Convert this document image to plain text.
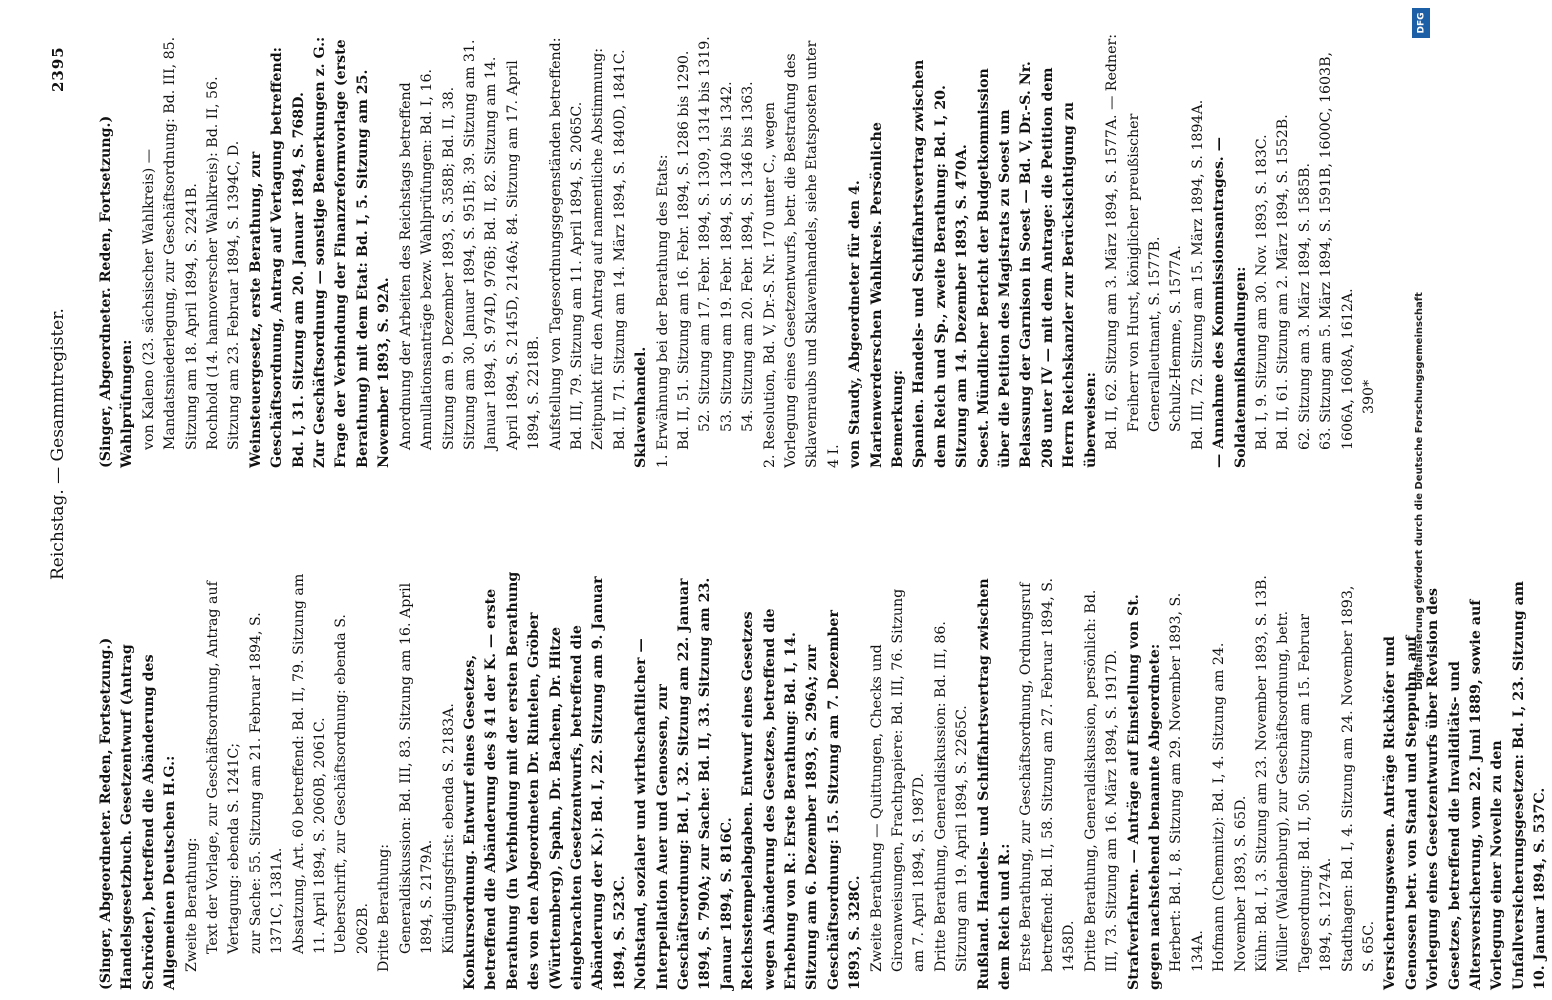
2395
Reichstag. — Gesammtregister.

(Singer, Abgeordneter. Reden, Fortsetzung.) Handelsgesetzbuch. Gesetzentwurf (Antrag Schröder), betreffend die Abänderung des Allgemeinen Deutschen H.G.: Zweite Berathung: Text der Vorlage, zur Geschäftsordnung, Antrag auf Vertagung: ebenda S. 1241C; zur Sache: 55. Sitzung am 21. Februar 1894, S. 1371C, 1381A. Absatzung, Art. 60 betreffend: Bd. II, 79. Sitzung am 11. April 1894, S. 2060B, 2061C. Ueberschrift, zur Geschäftsordnung: ebenda S. 2062B. Dritte Berathung: Generaldiskussion: Bd. III, 83. Sitzung am 16. April 1894, S. 2179A. Kündigungsfrist: ebenda S. 2183A. Konkursordnung. Entwurf eines Gesetzes, betreffend die Abänderung des § 41 der K. — erste Berathung (in Verbindung mit der ersten Berathung des von den Abgeordneten Dr. Rintelen, Gröber (Württemberg), Spahn, Dr. Bachem, Dr. Hitze eingebrachten Gesetzentwurfs, betreffend die Abänderung der K.): Bd. I, 22. Sitzung am 9. Januar 1894, S. 523C. Nothstand, sozialer und wirthschaftlicher — Interpellation Auer und Genossen, zur Geschäftsordnung: Bd. I, 32. Sitzung am 22. Januar 1894, S. 790A; zur Sache: Bd. II, 33. Sitzung am 23. Januar 1894, S. 816C. Reichsstempelabgaben. Entwurf eines Gesetzes wegen Abänderung des Gesetzes, betreffend die Erhebung von R.: Erste Berathung: Bd. I, 14. Sitzung am 6. Dezember 1893, S. 296A; zur Geschäftsordnung: 15. Sitzung am 7. Dezember 1893, S. 328C. Zweite Berathung — Quittungen, Checks und Giroanweisungen, Frachtpapiere: Bd. III, 76. Sitzung am 7. April 1894, S. 1987D. Dritte Berathung, Generaldiskussion: Bd. III, 86. Sitzung am 19. April 1894, S. 2265C. Rußland. Handels- und Schiffahrtsvertrag zwischen dem Reich und R.: Erste Berathung, zur Geschäftsordnung, Ordnungsruf betreffend: Bd. II, 58. Sitzung am 27. Februar 1894, S. 1458D. Dritte Berathung, Generaldiskussion, persönlich: Bd. III, 73. Sitzung am 16. März 1894, S. 1917D. Strafverfahren. — Anträge auf Einstellung von St. gegen nachstehend benannte Abgeordnete: Herbert: Bd. I, 8. Sitzung am 29. November 1893, S. 134A. Hofmann (Chemnitz): Bd. I, 4. Sitzung am 24. November 1893, S. 65D. Kühn: Bd. I, 3. Sitzung am 23. November 1893, S. 13B. Müller (Waldenburg), zur Geschäftsordnung, betr. Tagesordnung: Bd. II, 50. Sitzung am 15. Februar 1894, S. 1274A. Stadthagen: Bd. I, 4. Sitzung am 24. November 1893, S. 65C. Versicherungswesen. Anträge Rickhöfer und Genossen betr. von Stand und Steppuhn, auf Vorlegung eines Gesetzentwurfs über Revision des Gesetzes, betreffend die Invaliditäts- und Altersversicherung, vom 22. Juni 1889, sowie auf Vorlegung einer Novelle zu den Unfallversicherungsgesetzen: Bd. I, 23. Sitzung am 10. Januar 1894, S. 537C.

(Singer, Abgeordneter. Reden, Fortsetzung.) Wahlprüfungen: von Kaleno (23. sächsischer Wahlkreis) — Mandatsniederlegung, zur Geschäftsordnung: Bd. III, 85. Sitzung am 18. April 1894, S. 2241B. Rochhold (14. hannoverscher Wahlkreis): Bd. II, 56. Sitzung am 23. Februar 1894, S. 1394C, D. Weinsteuergesetz, erste Berathung, zur Geschäftsordnung, Antrag auf Vertagung betreffend: Bd. I, 31. Sitzung am 20. Januar 1894, S. 768D. Zur Geschäftsordnung — sonstige Bemerkungen z. G.: Frage der Verbindung der Finanzreformvorlage (erste Berathung) mit dem Etat: Bd. I, 5. Sitzung am 25. November 1893, S. 92A. Anordnung der Arbeiten des Reichstags betreffend Annullationsanträge bezw. Wahlprüfungen: Bd. I, 16. Sitzung am 9. Dezember 1893, S. 358B; Bd. II, 38. Sitzung am 30. Januar 1894, S. 951B; 39. Sitzung am 31. Januar 1894, S. 974D, 976B; Bd. II, 82. Sitzung am 14. April 1894, S. 2145D, 2146A; 84. Sitzung am 17. April 1894, S. 2218B. Aufstellung von Tagesordnungsgegenständen betreffend: Bd. III, 79. Sitzung am 11. April 1894, S. 2065C. Zeitpunkt für den Antrag auf namentliche Abstimmung: Bd. II, 71. Sitzung am 14. März 1894, S. 1840D, 1841C. Sklavenhandel. 1. Erwähnung bei der Berathung des Etats: Bd. II, 51. Sitzung am 16. Febr. 1894, S. 1286 bis 1290. 52. Sitzung am 17. Febr. 1894, S. 1309, 1314 bis 1319. 53. Sitzung am 19. Febr. 1894, S. 1340 bis 1342. 54. Sitzung am 20. Febr. 1894, S. 1346 bis 1363. 2. Resolution, Bd. V, Dr.-S. Nr. 170 unter C., wegen Vorlegung eines Gesetzentwurfs, betr. die Bestrafung des Sklavenraubs und Sklavenhandels, siehe Etatsposten unter 4 I. von Staudy, Abgeordneter für den 4. Marienwerderschen Wahlkreis. Persönliche Bemerkung: Spanien. Handels- und Schiffahrtsvertrag zwischen dem Reich und Sp., zweite Berathung: Bd. I, 20. Sitzung am 14. Dezember 1893, S. 470A. Soest. Mündlicher Bericht der Budgetkommission über die Petition des Magistrats zu Soest um Belassung der Garnison in Soest — Bd. V, Dr.-S. Nr. 208 unter IV — mit dem Antrage: die Petition dem Herrn Reichskanzler zur Berücksichtigung zu überweisen: Bd. II, 62. Sitzung am 3. März 1894, S. 1577A. — Redner: Freiherr von Hurst, königlicher preußischer Generalleutnant, S. 1577B. Schulz-Hemme, S. 1577A. Bd. III, 72. Sitzung am 15. März 1894, S. 1894A. — Annahme des Kommissionsantrages. — Soldatenmißhandlungen: Bd. I, 9. Sitzung am 30. Nov. 1893, S. 183C. Bd. II, 61. Sitzung am 2. März 1894, S. 1552B. 62. Sitzung am 3. März 1894, S. 1585B. 63. Sitzung am 5. März 1894, S. 1591B, 1600C, 1603B, 1606A, 1608A, 1612A. 390*	Digitalisierung gefördert durch die Deutsche Forschungsgemeinschaft
DFG
